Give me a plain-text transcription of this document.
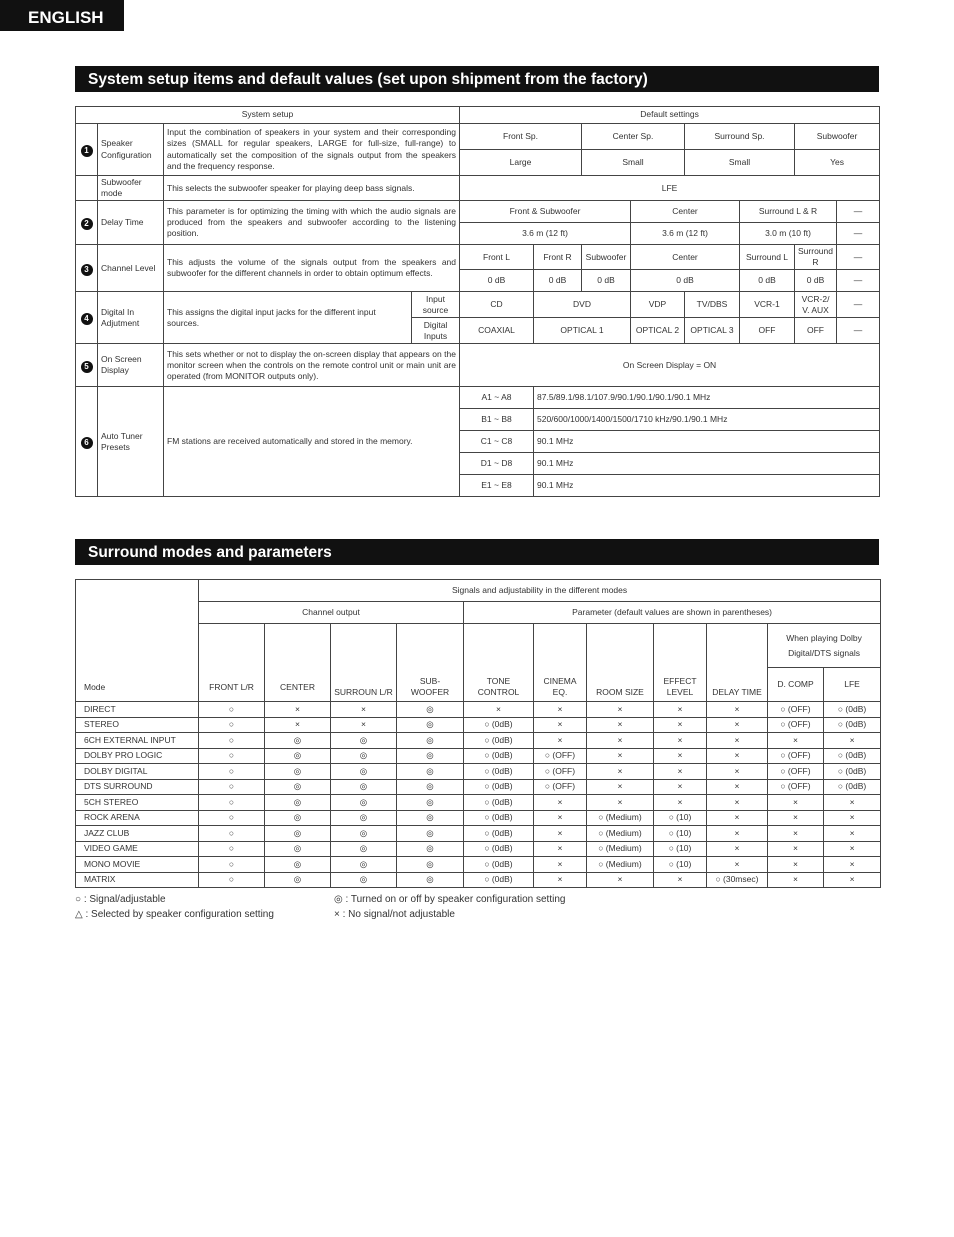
ENGLISH
System setup items and default values (set upon shipment from the factory)
System setup				Default settings								
1	Speaker Configuration	Input the combination of speakers in your system and their corresponding sizes (SMALL for regular speakers, LARGE for full-size, full-range) to automatically set the composition of the signals output from the speakers and the frequency response.		Front Sp.		Center Sp.		Surround Sp.		Subwoofer		
				Large		Small		Small		Yes		
	Subwoofer mode	This selects the subwoofer speaker for playing deep bass signals.		LFE								
2	Delay Time	This parameter is for optimizing the timing with which the audio signals are produced from the speakers and subwoofer according to the listening position.		Front & Subwoofer			Center		Surround L & R		—	
				3.6 m (12 ft)			3.6 m (12 ft)		3.0 m (10 ft)		—	
3	Channel Level	This adjusts the volume of the signals output from the speakers and subwoofer for the different channels in order to obtain optimum effects.		Front L	Front R	Subwoofer	Center		Surround L	Surround R	—	
				0 dB	0 dB	0 dB	0 dB		0 dB	0 dB	—	
4	Digital In Adjutment	This assigns the digital input jacks for the different input sources.	Input source	CD	DVD		VDP	TV/DBS	VCR-1	VCR-2/ V. AUX	—	
			Digital Inputs	COAXIAL	OPTICAL 1		OPTICAL 2	OPTICAL 3	OFF	OFF	—	
5	On Screen Display	This sets whether or not to display the on-screen display that appears on the monitor screen when the controls on the remote control unit or main unit are operated (from MONITOR outputs only).		On Screen Display = ON								
6	Auto Tuner Presets	FM stations are received automatically and stored in the memory.		A1 ~ A8	87.5/89.1/98.1/107.9/90.1/90.1/90.1/90.1 MHz							
				B1 ~ B8	520/600/1000/1400/1500/1710 kHz/90.1/90.1 MHz							
				C1 ~ C8	90.1 MHz							
				D1 ~ D8	90.1 MHz							
				E1 ~ E8	90.1 MHz							
Surround modes and parameters
	Signals and adjustability in the different modes										
	Channel output				Parameter (default values are shown in parentheses)						
Mode	FRONT L/R	CENTER	SURROUN L/R	SUB- WOOFER	TONE CONTROL	CINEMA EQ.	ROOM SIZE	EFFECT LEVEL	DELAY TIME	When playing Dolby Digital/DTS signals	
										D. COMP	LFE
DIRECT	○	×	×	◎	×	×	×	×	×	○ (OFF)	○ (0dB)
STEREO	○	×	×	◎	○ (0dB)	×	×	×	×	○ (OFF)	○ (0dB)
6CH EXTERNAL INPUT	○	◎	◎	◎	○ (0dB)	×	×	×	×	×	×
DOLBY PRO LOGIC	○	◎	◎	◎	○ (0dB)	○ (OFF)	×	×	×	○ (OFF)	○ (0dB)
DOLBY DIGITAL	○	◎	◎	◎	○ (0dB)	○ (OFF)	×	×	×	○ (OFF)	○ (0dB)
DTS SURROUND	○	◎	◎	◎	○ (0dB)	○ (OFF)	×	×	×	○ (OFF)	○ (0dB)
5CH STEREO	○	◎	◎	◎	○ (0dB)	×	×	×	×	×	×
ROCK ARENA	○	◎	◎	◎	○ (0dB)	×	○ (Medium)	○ (10)	×	×	×
JAZZ CLUB	○	◎	◎	◎	○ (0dB)	×	○ (Medium)	○ (10)	×	×	×
VIDEO GAME	○	◎	◎	◎	○ (0dB)	×	○ (Medium)	○ (10)	×	×	×
MONO MOVIE	○	◎	◎	◎	○ (0dB)	×	○ (Medium)	○ (10)	×	×	×
MATRIX	○	◎	◎	◎	○ (0dB)	×	×	×	○ (30msec)	×	×
○ : Signal/adjustable	◎ : Turned on or off by speaker configuration setting
△ : Selected by speaker configuration setting	× : No signal/not adjustable
